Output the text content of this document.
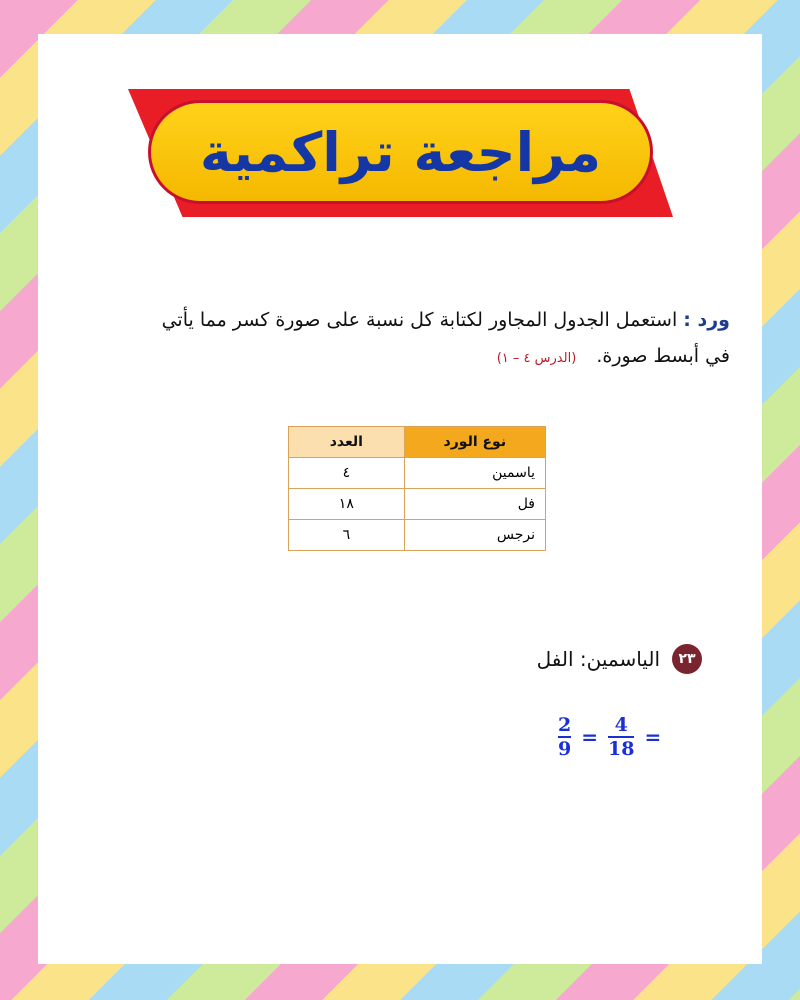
مراجعة تراكمية
ورد : استعمل الجدول المجاور لكتابة كل نسبة على صورة كسر مما يأتي
في أبسط صورة. (الدرس ٤ – ١)
نوع الورد	العدد
ياسمين	٤
فل	١٨
نرجس	٦
٢٣
الياسمين: الفل
$\frac{2}{9} = \frac{4}{18}$ =
